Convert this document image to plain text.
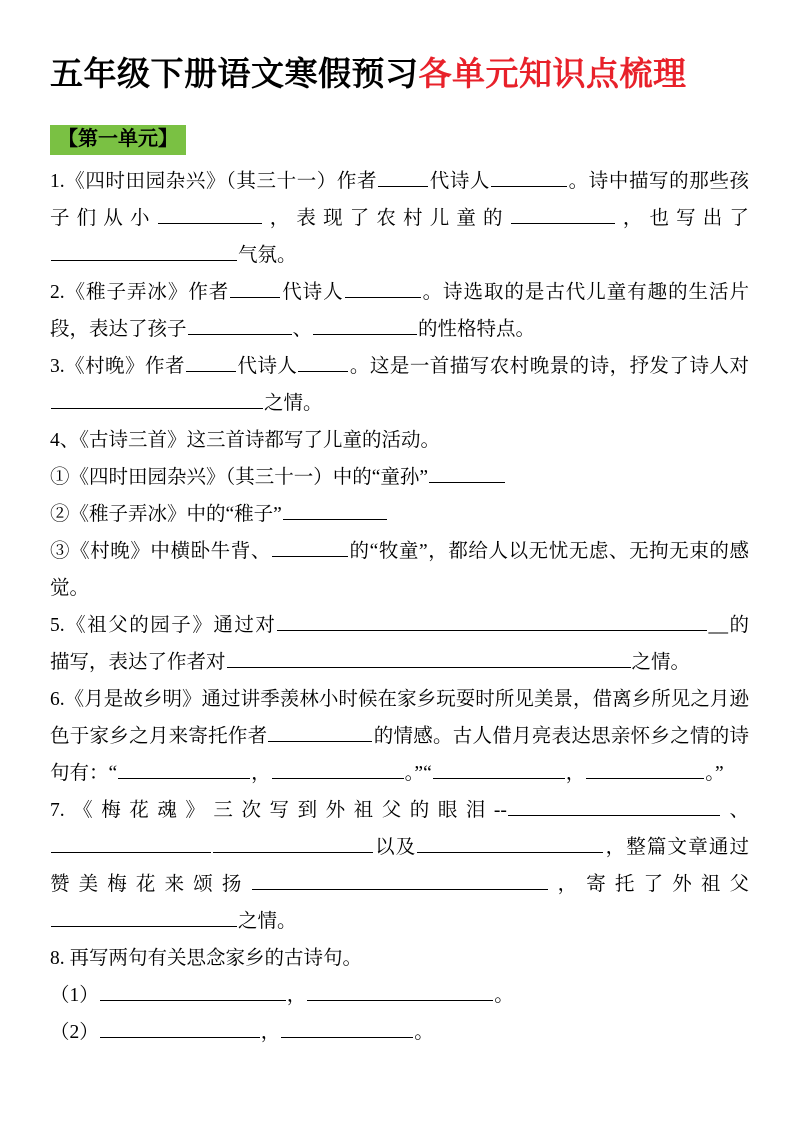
五年级下册语文寒假预习 各单元知识点梳理
【第一单元】

1.《四时田园杂兴》（其三十一）作者	代诗人	。诗中描写的那些孩子们从小	，表现了农村儿童的	，也写出了气氛。

2.《稚子弄冰》作者	代诗人	。诗选取的是古代儿童有趣的生活片段，表达了孩子	、	的性格特点。

3.《村晚》作者	代诗人	。这是一首描写农村晚景的诗，抒发了诗人对之情。

4、《古诗三首》这三首诗都写了儿童的活动。

①《四时田园杂兴》（其三十一）中的“童孙”

②《稚子弄冰》中的“稚子”

③《村晚》中横卧牛背、	的“牧童”，都给人以无忧无虑、无拘无束的感觉。

5.《祖父的园子》通过对	__的描写，表达了作者对	之情。

6.《月是故乡明》通过讲季羡林小时候在家乡玩耍时所见美景，借离乡所见之月逊色于家乡之月来寄托作者	的情感。古人借月亮表达思亲怀乡之情的诗句有：“	，	。”“	，	。”

7.《梅花魂》三次写到外祖父的眼泪--	、以及	，整篇文章通过赞美梅花来颂扬	，寄托了外祖父之情。

8. 再写两句有关思念家乡的古诗句。

（1）	，	。

（2）	，	。
